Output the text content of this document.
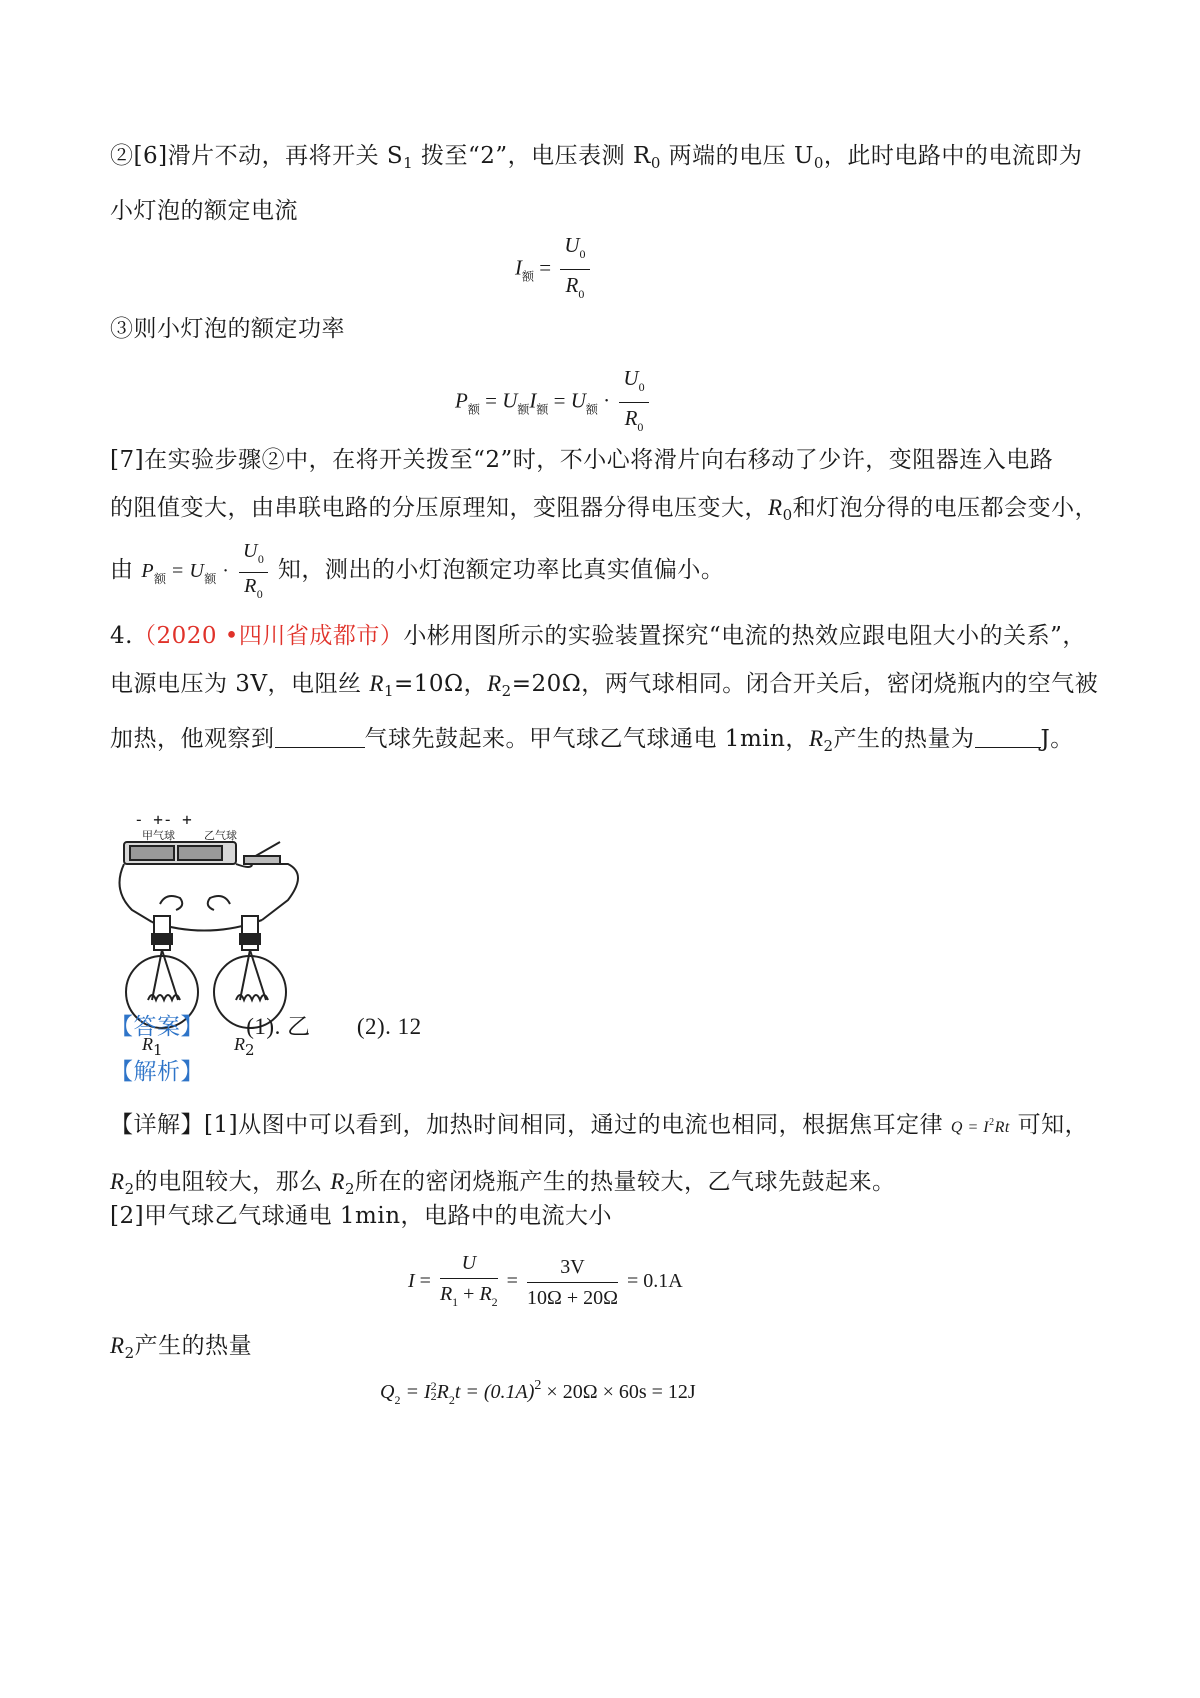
②[6]滑片不动，再将开关 $S_1$ 拨至“2”，电压表测 $R_0$ 两端的电压 $U_0$，此时电路中的电流即为
小灯泡的额定电流
$I_额 = \frac{U_0}{R_0}$
③则小灯泡的额定功率
$P_额 = U_额I_额 = U_额 \cdot \frac{U_0}{R_0}$
[7]在实验步骤②中，在将开关拨至“2”时，不小心将滑片向右移动了少许，变阻器连入电路
的阻值变大，由串联电路的分压原理知，变阻器分得电压变大，$R_0$和灯泡分得的电压都会变小，
由 $P_额 = U_额 \cdot \frac{U_0}{R_0}$ 知，测出的小灯泡额定功率比真实值偏小。
4.（2020 •四川省成都市）小彬用图所示的实验装置探究“电流的热效应跟电阻大小的关系”，
电源电压为 3V，电阻丝 $R_1=10\Omega$，$R_2=20\Omega$，两气球相同。闭合开关后，密闭烧瓶内的空气被
加热，他观察到	气球先鼓起来。甲气球乙气球通电 1min，$R_2$产生的热量为	J。
- +- +
甲气球	乙气球
$R_1$	$R_2$
【答案】 (1). 乙 (2). 12
【解析】
【详解】[1]从图中可以看到，加热时间相同，通过的电流也相同，根据焦耳定律 $Q = I^2Rt$ 可知，
$R_2$的电阻较大，那么 $R_2$所在的密闭烧瓶产生的热量较大，乙气球先鼓起来。
[2]甲气球乙气球通电 1min，电路中的电流大小
$I = \frac{U}{R_1 + R_2} = \frac{3V}{10\Omega + 20\Omega} = 0.1A$
$R_2$产生的热量
$Q_2 = I$ 2
2 $R_2t = (0.1A)^2 \times 20\Omega \times 60s = 12J$
